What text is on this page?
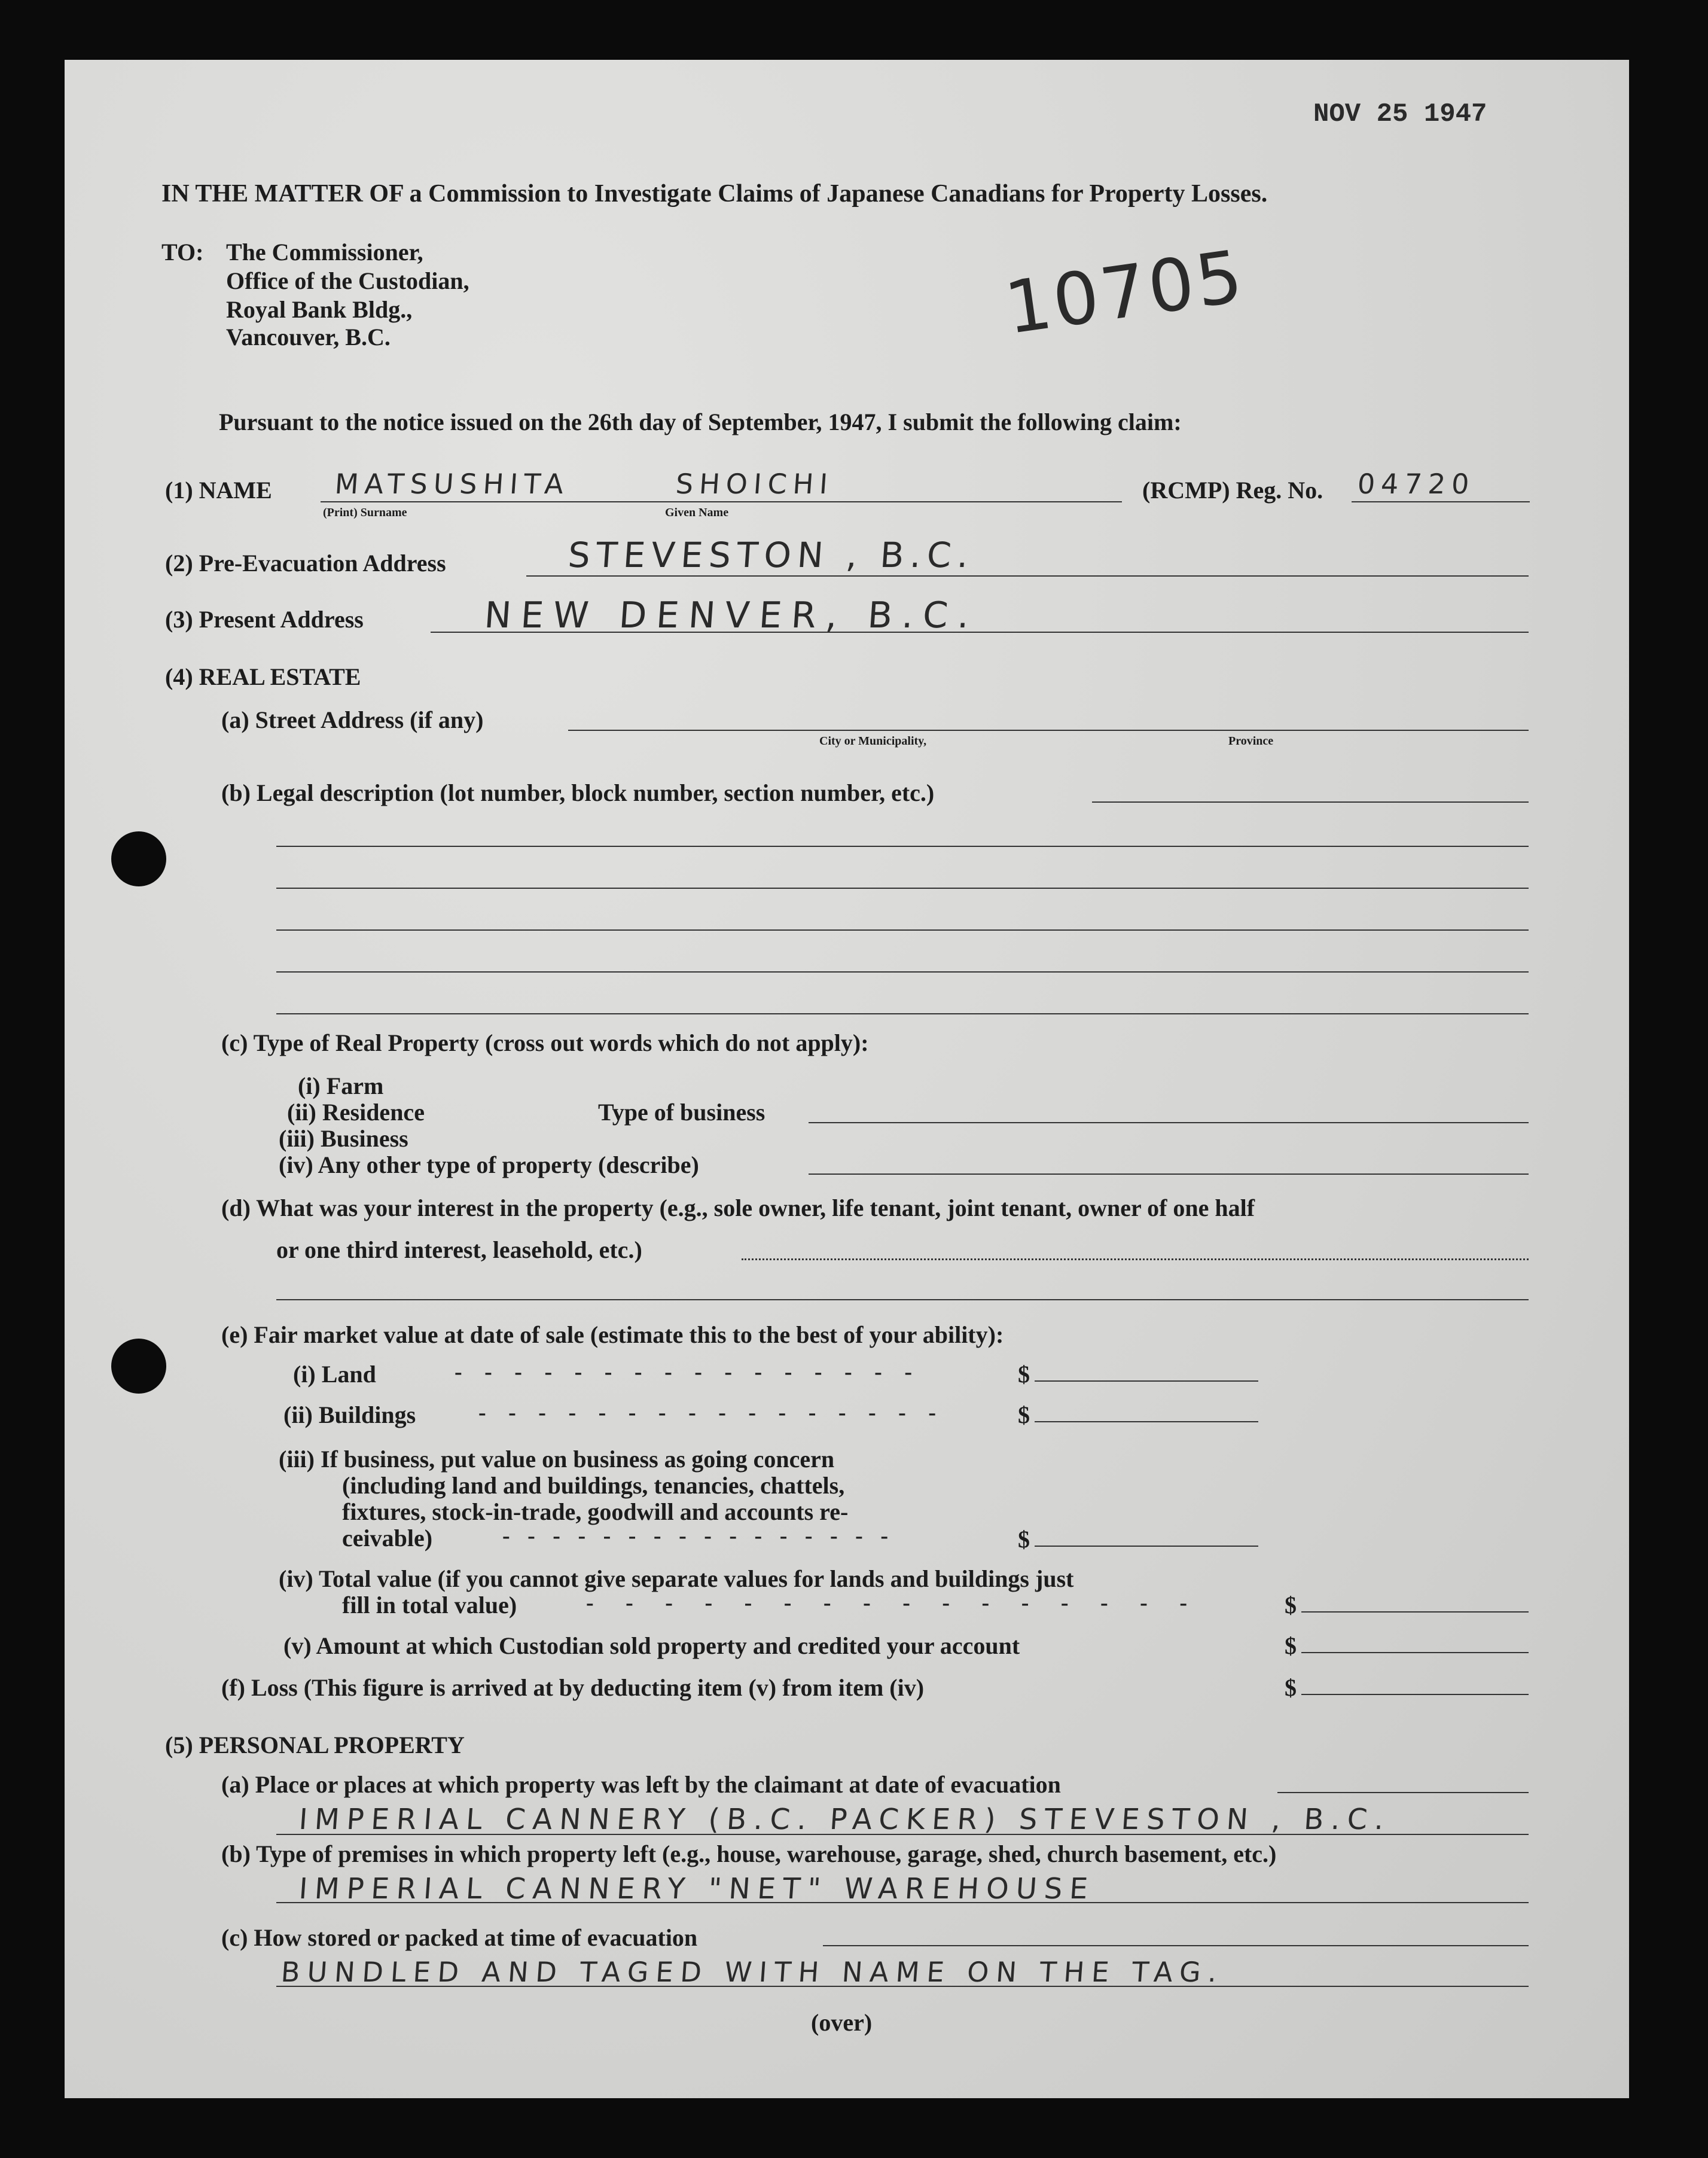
NOV 25 1947
10705
IN THE MATTER OF a Commission to Investigate Claims of Japanese Canadians for Property Losses.
TO: The Commissioner,
Office of the Custodian,
Royal Bank Bldg.,
Vancouver, B.C.
Pursuant to the notice issued on the 26th day of September, 1947, I submit the following claim:
(1) NAME MATSUSHITA	SHOICHI
(Print) Surname	Given Name
(RCMP) Reg. No. 04720
(2) Pre-Evacuation Address	STEVESTON , B.C.
(3) Present Address	NEW DENVER, B.C.
(4) REAL ESTATE
(a) Street Address (if any)
City or Municipality,	Province
(b) Legal description (lot number, block number, section number, etc.)
(c) Type of Real Property (cross out words which do not apply):
(i) Farm
(ii) Residence	Type of business
(iii) Business
(iv) Any other type of property (describe)
(d) What was your interest in the property (e.g., sole owner, life tenant, joint tenant, owner of one half
or one third interest, leasehold, etc.)
(e) Fair market value at date of sale (estimate this to the best of your ability):
(i) Land	- - - - - - - - - - - - - - - -	$
(ii) Buildings	- - - - - - - - - - - - - - - -	$
(iii) If business, put value on business as going concern
(including land and buildings, tenancies, chattels,
fixtures, stock-in-trade, goodwill and accounts re-
ceivable)	- - - - - - - - - - - - - - - -	$
(iv) Total value (if you cannot give separate values for lands and buildings just
fill in total value)	- - - - - - - - - - - - - - - -	$
(v) Amount at which Custodian sold property and credited your account	$
(f) Loss (This figure is arrived at by deducting item (v) from item (iv)	$
(5) PERSONAL PROPERTY
(a) Place or places at which property was left by the claimant at date of evacuation
IMPERIAL CANNERY (B.C. PACKER) STEVESTON , B.C.
(b) Type of premises in which property left (e.g., house, warehouse, garage, shed, church basement, etc.)
IMPERIAL CANNERY "NET" WAREHOUSE
(c) How stored or packed at time of evacuation
BUNDLED AND TAGED WITH NAME ON THE TAG.
(over)
